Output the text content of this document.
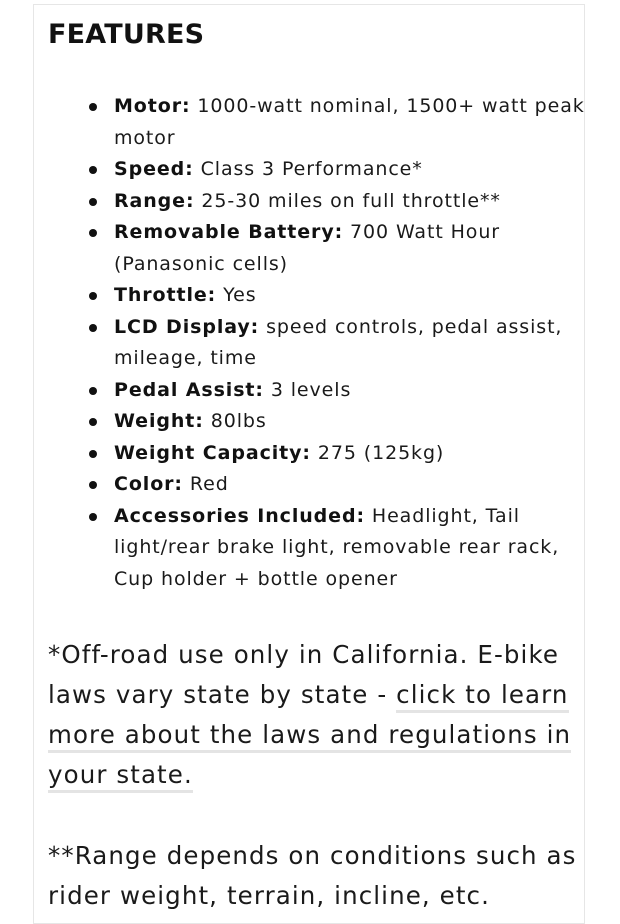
FEATURES
Motor: 1000-watt nominal, 1500+ watt peak motor
Speed: Class 3 Performance*
Range: 25-30 miles on full throttle**
Removable Battery: 700 Watt Hour (Panasonic cells)
Throttle: Yes
LCD Display: speed controls, pedal assist, mileage, time
Pedal Assist: 3 levels
Weight: 80lbs
Weight Capacity: 275 (125kg)
Color: Red
Accessories Included: Headlight, Tail light/rear brake light, removable rear rack, Cup holder + bottle opener

*Off-road use only in California. E-bike laws vary state by state - click to learn more about the laws and regulations in your state.

**Range depends on conditions such as rider weight, terrain, incline, etc.
